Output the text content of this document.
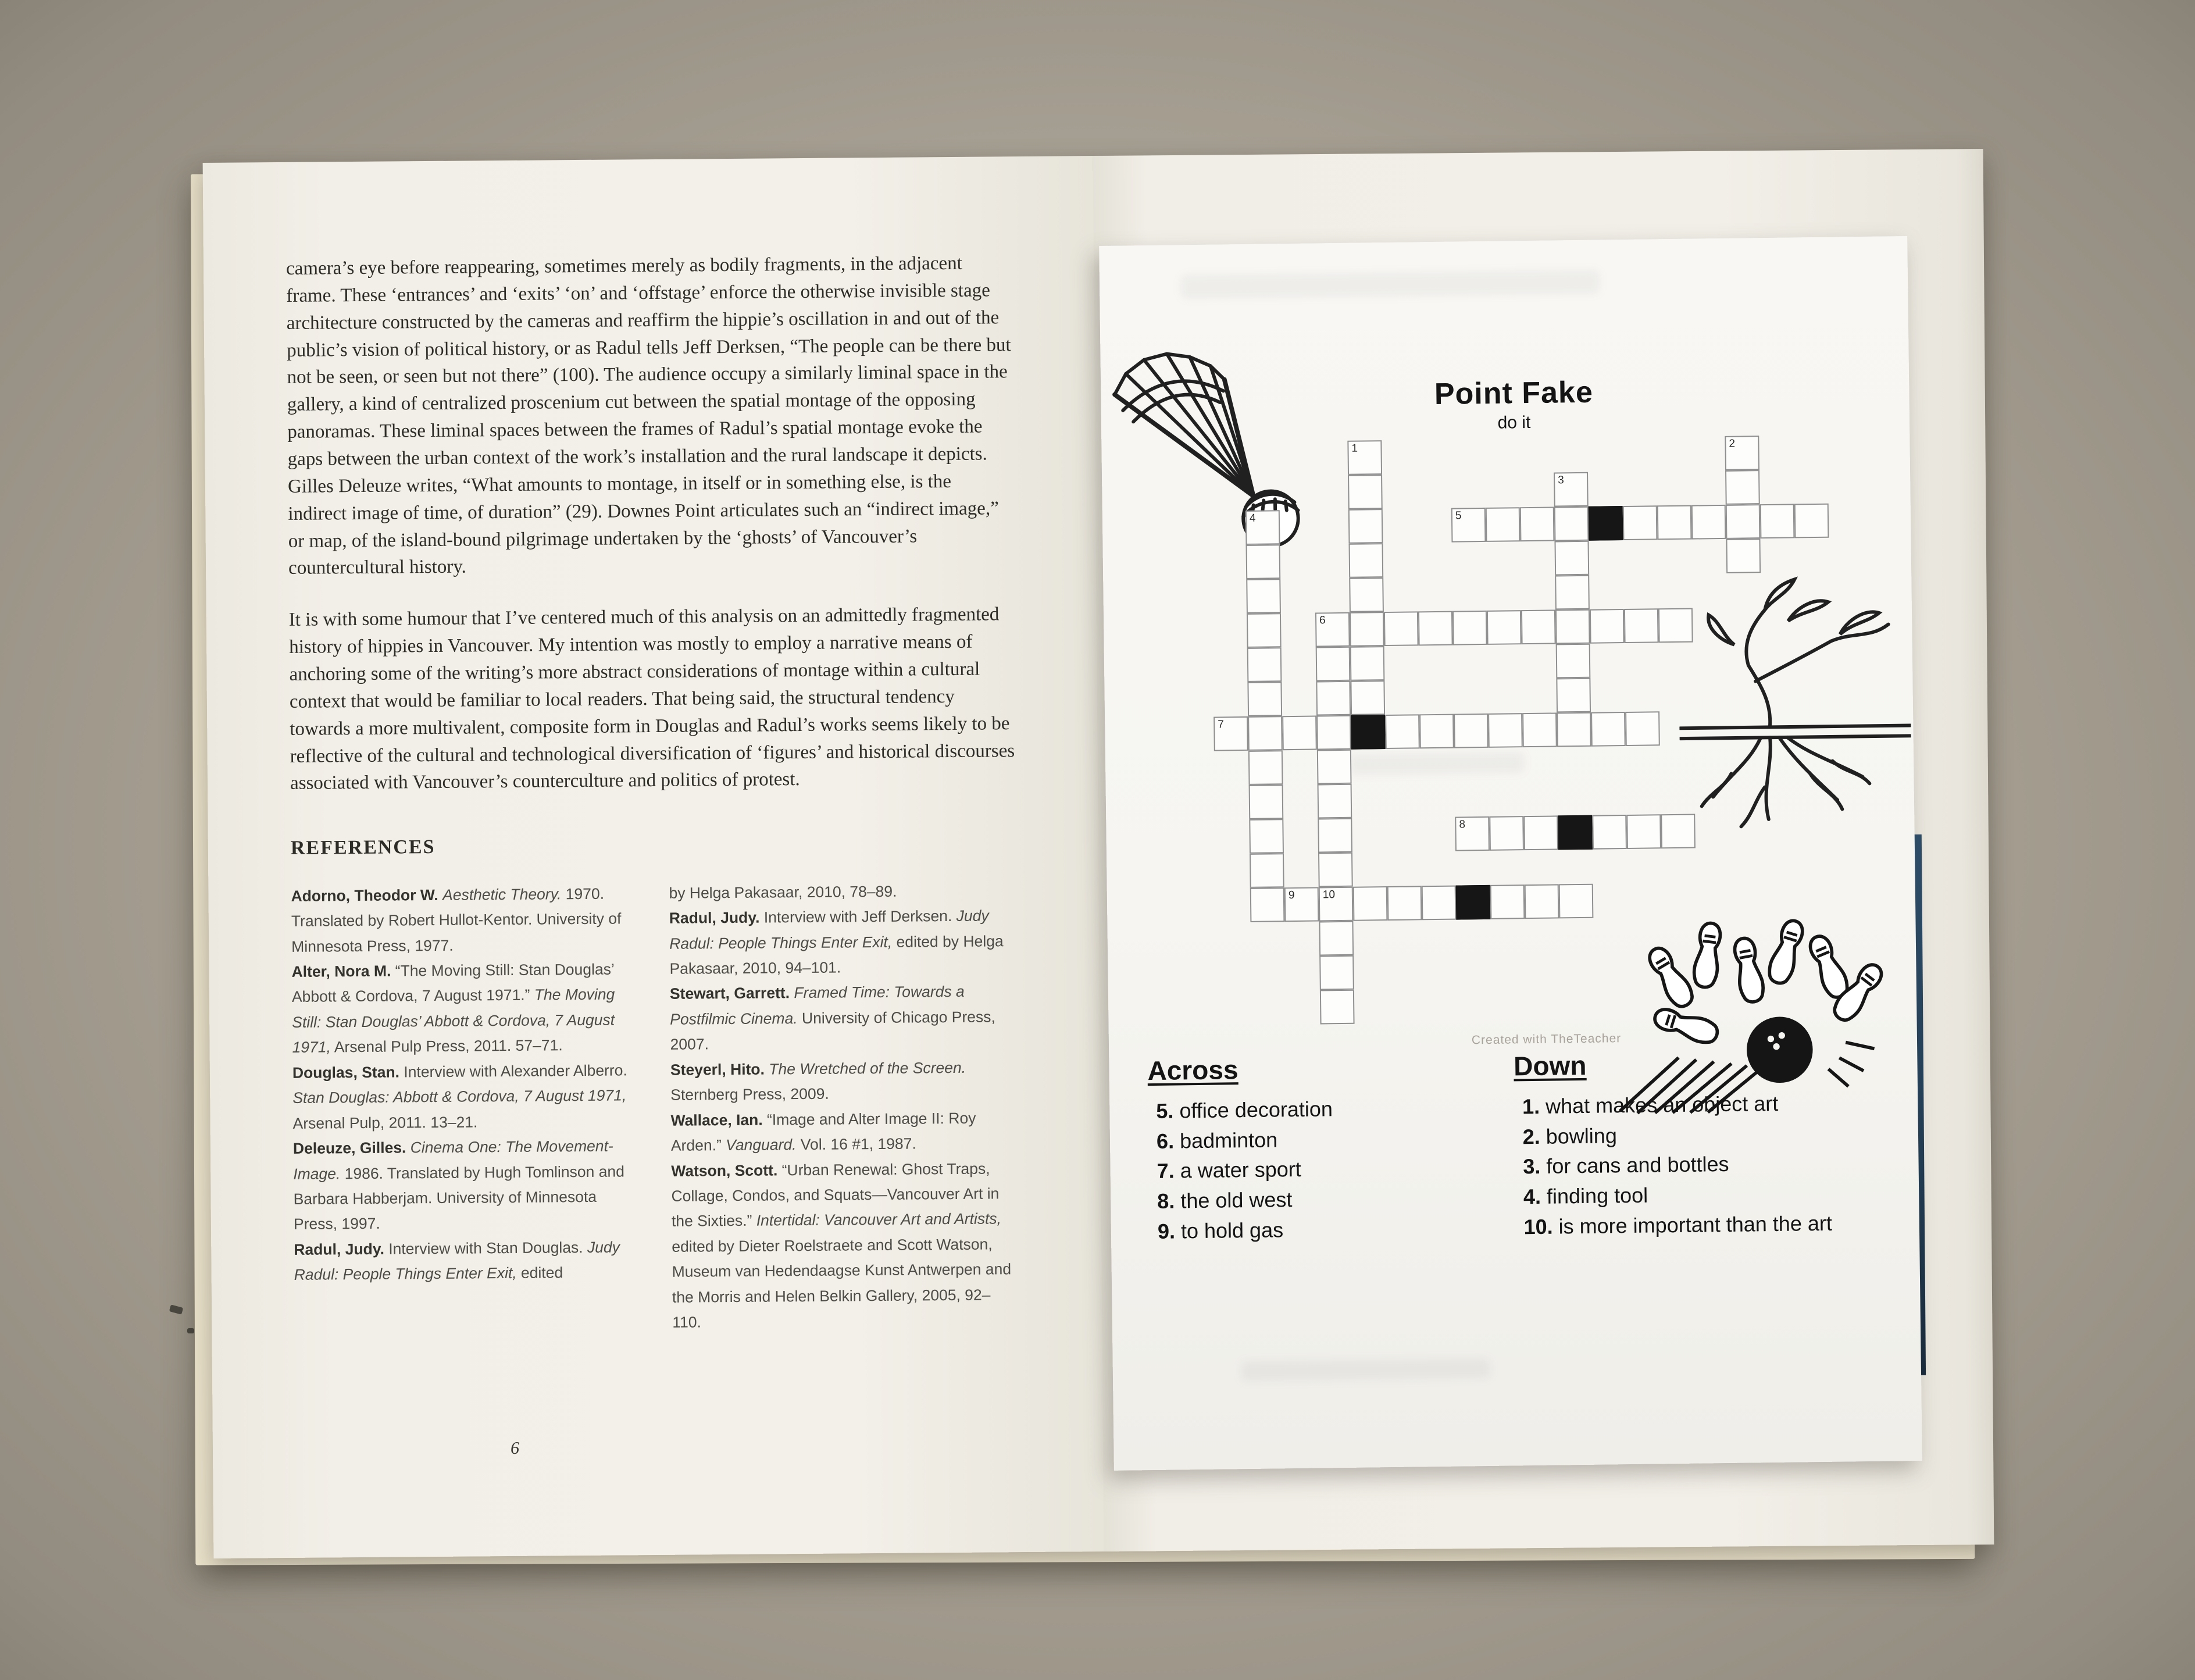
camera’s eye before reappearing, sometimes merely as bodily fragments, in the adjacent frame. These ‘entrances’ and ‘exits’ ‘on’ and ‘offstage’ enforce the otherwise invisible stage architecture constructed by the cameras and reaffirm the hippie’s oscillation in and out of the public’s vision of political history, or as Radul tells Jeff Derksen, “The people can be there but not be seen, or seen but not there” (100). The audience occupy a similarly liminal space in the gallery, a kind of centralized proscenium cut between the spatial montage of the opposing panoramas. These liminal spaces between the frames of Radul’s spatial montage evoke the gaps between the urban context of the work’s installation and the rural landscape it depicts. Gilles Deleuze writes, “What amounts to montage, in itself or in something else, is the indirect image of time, of duration” (29). Downes Point articulates such an “indirect image,” or map, of the island-bound pilgrimage undertaken by the ‘ghosts’ of Vancouver’s countercultural history.

It is with some humour that I’ve centered much of this analysis on an admittedly fragmented history of hippies in Vancouver. My intention was mostly to employ a narrative means of anchoring some of the writing’s more abstract considerations of montage within a cultural context that would be familiar to local readers. That being said, the structural tendency towards a more multivalent, composite form in Douglas and Radul’s works seems likely to be reflective of the cultural and technological diversification of ‘figures’ and historical discourses associated with Vancouver’s counterculture and politics of protest.

REFERENCES
Adorno, Theodor W. Aesthetic Theory. 1970. Translated by Robert Hullot-Kentor. University of Minnesota Press, 1977.
Alter, Nora M. “The Moving Still: Stan Douglas’ Abbott & Cordova, 7 August 1971.” The Moving Still: Stan Douglas’ Abbott & Cordova, 7 August 1971, Arsenal Pulp Press, 2011. 57–71.
Douglas, Stan. Interview with Alexander Alberro. Stan Douglas: Abbott & Cordova, 7 August 1971, Arsenal Pulp, 2011. 13–21.
Deleuze, Gilles. Cinema One: The Movement-Image. 1986. Translated by Hugh Tomlinson and Barbara Habberjam. University of Minnesota Press, 1997.
Radul, Judy. Interview with Stan Douglas. Judy Radul: People Things Enter Exit, edited
by Helga Pakasaar, 2010, 78–89.
Radul, Judy. Interview with Jeff Derksen. Judy Radul: People Things Enter Exit, edited by Helga Pakasaar, 2010, 94–101.
Stewart, Garrett. Framed Time: Towards a Postfilmic Cinema. University of Chicago Press, 2007.
Steyerl, Hito. The Wretched of the Screen. Sternberg Press, 2009.
Wallace, Ian. “Image and Alter Image II: Roy Arden.” Vanguard. Vol. 16 #1, 1987.
Watson, Scott. “Urban Renewal: Ghost Traps, Collage, Condos, and Squats—Vancouver Art in the Sixties.” Intertidal: Vancouver Art and Artists, edited by Dieter Roelstraete and Scott Watson, Museum van Hedendaagse Kunst Antwerpen and the Morris and Helen Belkin Gallery, 2005, 92–110.
6
Point Fake
do it
1	2
3
4	5
6
7
8
9	10
Created with TheTeacher
Across
5. office decoration
6. badminton
7. a water sport
8. the old west
9. to hold gas
Down
1. what makes an object art
2. bowling
3. for cans and bottles
4. finding tool
10. is more important than the art
